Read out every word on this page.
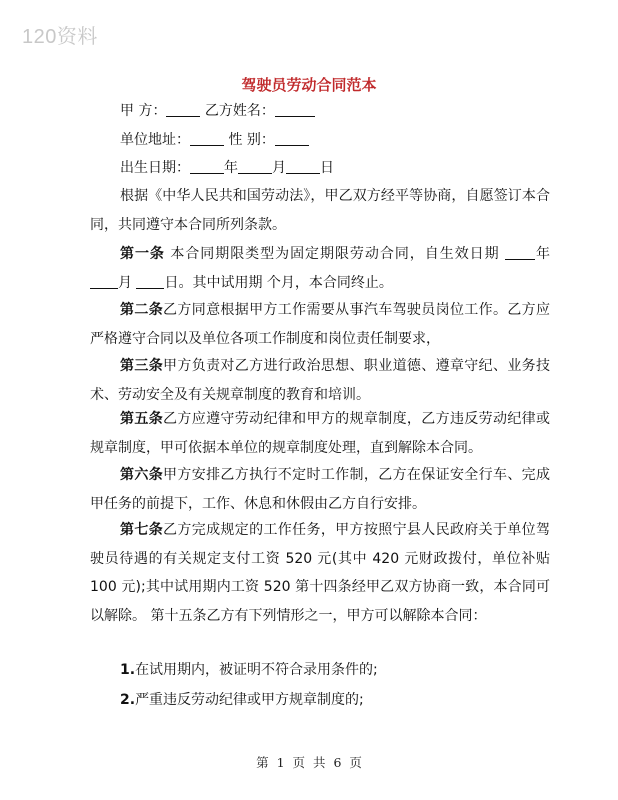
120资料
驾驶员劳动合同范本
甲 方：	乙方姓名：
单位地址：	性 别：
出生日期： 年 月 日
根据《中华人民共和国劳动法》，甲乙双方经平等协商，自愿签订本合同，共同遵守本合同所列条款。
第一条 本合同期限类型为固定期限劳动合同，自生效日期 年月 日。其中试用期 个月，本合同终止。
第二条乙方同意根据甲方工作需要从事汽车驾驶员岗位工作。乙方应严格遵守合同以及单位各项工作制度和岗位责任制要求，
第三条甲方负责对乙方进行政治思想、职业道德、遵章守纪、业务技术、劳动安全及有关规章制度的教育和培训。
第五条乙方应遵守劳动纪律和甲方的规章制度，乙方违反劳动纪律或规章制度，甲可依据本单位的规章制度处理，直到解除本合同。
第六条甲方安排乙方执行不定时工作制，乙方在保证安全行车、完成甲任务的前提下，工作、休息和休假由乙方自行安排。
第七条乙方完成规定的工作任务，甲方按照宁县人民政府关于单位驾驶员待遇的有关规定支付工资 520 元(其中 420 元财政拨付，单位补贴 100 元);其中试用期内工资 520 第十四条经甲乙双方协商一致，本合同可以解除。 第十五条乙方有下列情形之一，甲方可以解除本合同：
1.在试用期内，被证明不符合录用条件的;
2.严重违反劳动纪律或甲方规章制度的;
第 1 页 共 6 页
